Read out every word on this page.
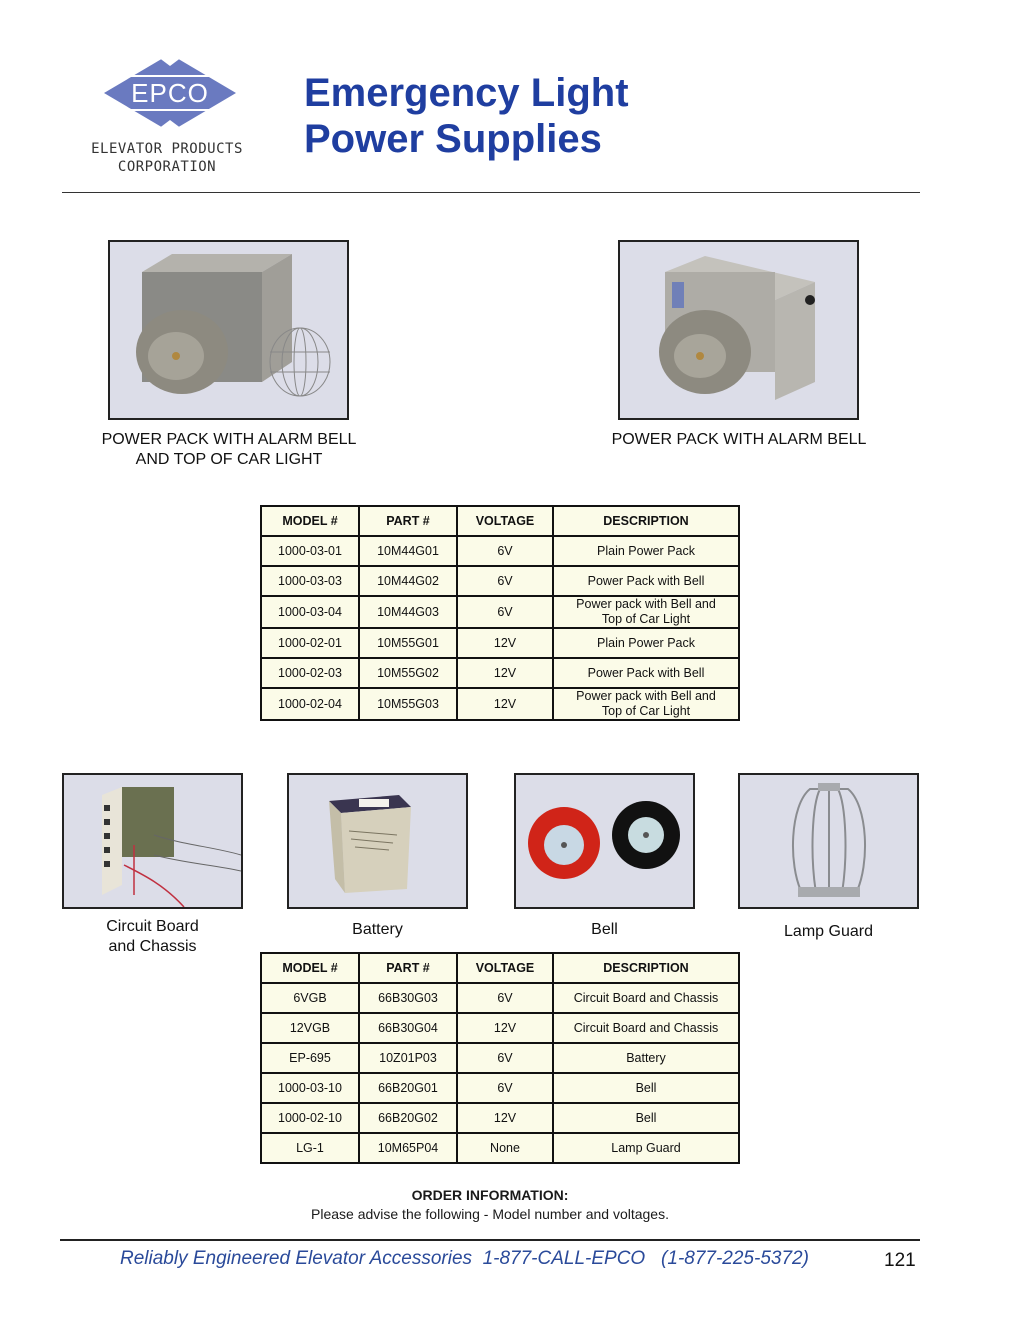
EPCO
ELEVATOR PRODUCTS
CORPORATION
Emergency Light
Power Supplies
POWER PACK WITH ALARM BELL
AND TOP OF CAR LIGHT
POWER PACK WITH ALARM BELL
MODEL #	PART #	VOLTAGE	DESCRIPTION
1000-03-01	10M44G01	6V	Plain Power Pack
1000-03-03	10M44G02	6V	Power Pack with Bell
1000-03-04	10M44G03	6V	Power pack with Bell and
Top of Car Light

1000-02-01	10M55G01	12V	Plain Power Pack
1000-02-03	10M55G02	12V	Power Pack with Bell
1000-02-04	10M55G03	12V	Power pack with Bell and
Top of Car Light
Circuit Board
and Chassis
Battery	Bell	Lamp Guard
MODEL #	PART #	VOLTAGE	DESCRIPTION
6VGB	66B30G03	6V	Circuit Board and Chassis
12VGB	66B30G04	12V	Circuit Board and Chassis
EP-695	10Z01P03	6V	Battery
1000-03-10	66B20G01	6V	Bell
1000-02-10	66B20G02	12V	Bell
LG-1	10M65P04	None	Lamp Guard
ORDER INFORMATION:
Please advise the following - Model number and voltages.
Reliably Engineered Elevator Accessories  1-877-CALL-EPCO   (1-877-225-5372)	121
